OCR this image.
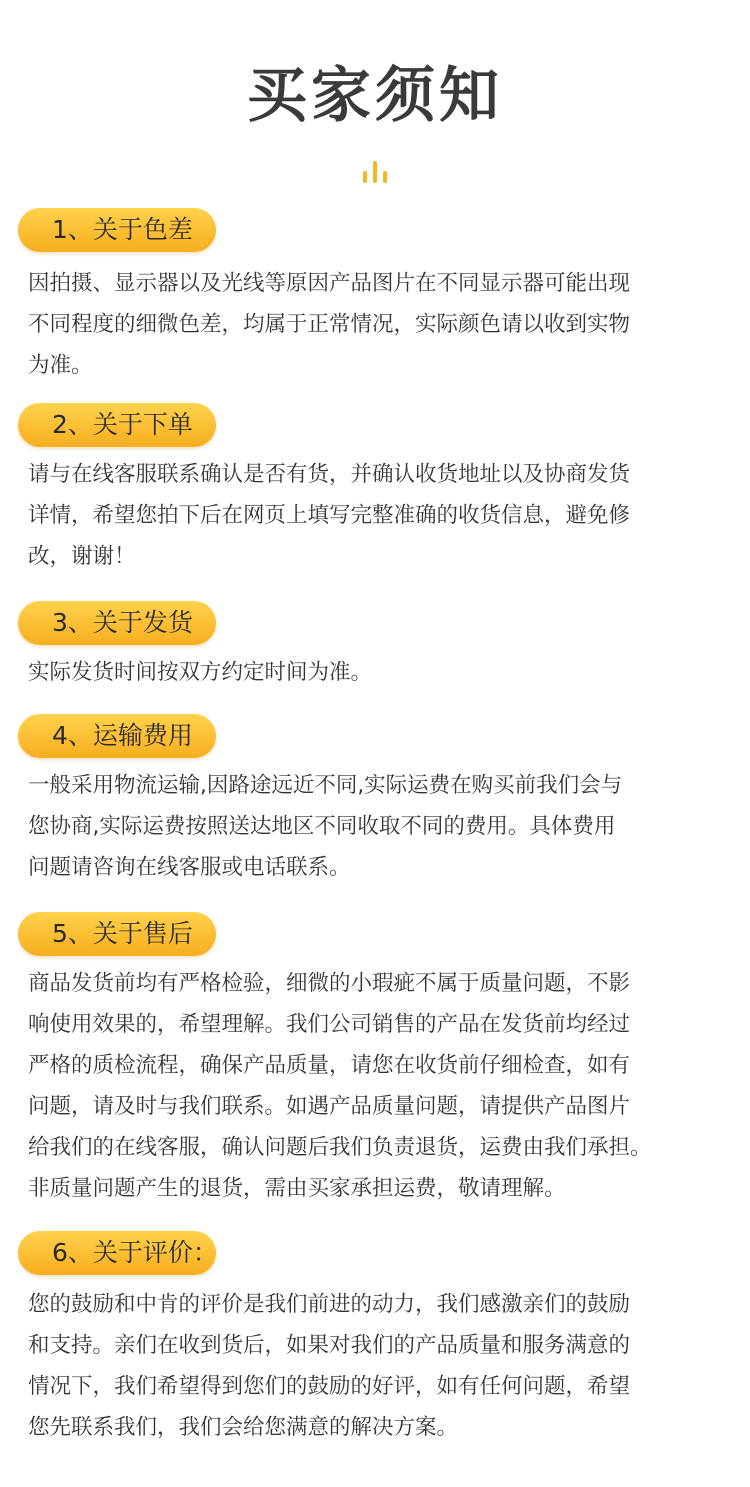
买家须知
1、关于色差
因拍摄、显示器以及光线等原因产品图片在不同显示器可能出现
不同程度的细微色差，均属于正常情况，实际颜色请以收到实物
为准。
2、关于下单
请与在线客服联系确认是否有货，并确认收货地址以及协商发货
详情，希望您拍下后在网页上填写完整准确的收货信息，避免修
改，谢谢！
3、关于发货
实际发货时间按双方约定时间为准。
4、运输费用
一般采用物流运输,因路途远近不同,实际运费在购买前我们会与
您协商,实际运费按照送达地区不同收取不同的费用。具体费用
问题请咨询在线客服或电话联系。
5、关于售后
商品发货前均有严格检验，细微的小瑕疵不属于质量问题，不影
响使用效果的，希望理解。我们公司销售的产品在发货前均经过
严格的质检流程，确保产品质量，请您在收货前仔细检查，如有
问题，请及时与我们联系。如遇产品质量问题，请提供产品图片
给我们的在线客服，确认问题后我们负责退货，运费由我们承担。
非质量问题产生的退货，需由买家承担运费，敬请理解。
6、关于评价：
您的鼓励和中肯的评价是我们前进的动力，我们感激亲们的鼓励
和支持。亲们在收到货后，如果对我们的产品质量和服务满意的
情况下，我们希望得到您们的鼓励的好评，如有任何问题，希望
您先联系我们，我们会给您满意的解决方案。
